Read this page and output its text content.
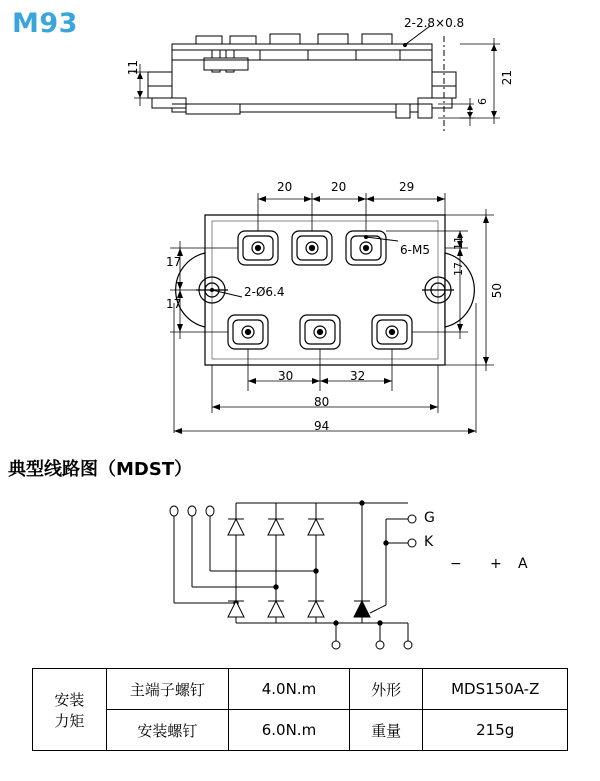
M93	2-2.8×0.8
11
21
6
20	20	29
17
17
11
17
50
30	32
80
94
2-Ø6.4
6-M5
典型线路图（MDST）
G
K
− + A
安装
力矩	主端子螺钉	4.0N.m	外形	MDS150A-Z
	安装螺钉	6.0N.m	重量	215g
